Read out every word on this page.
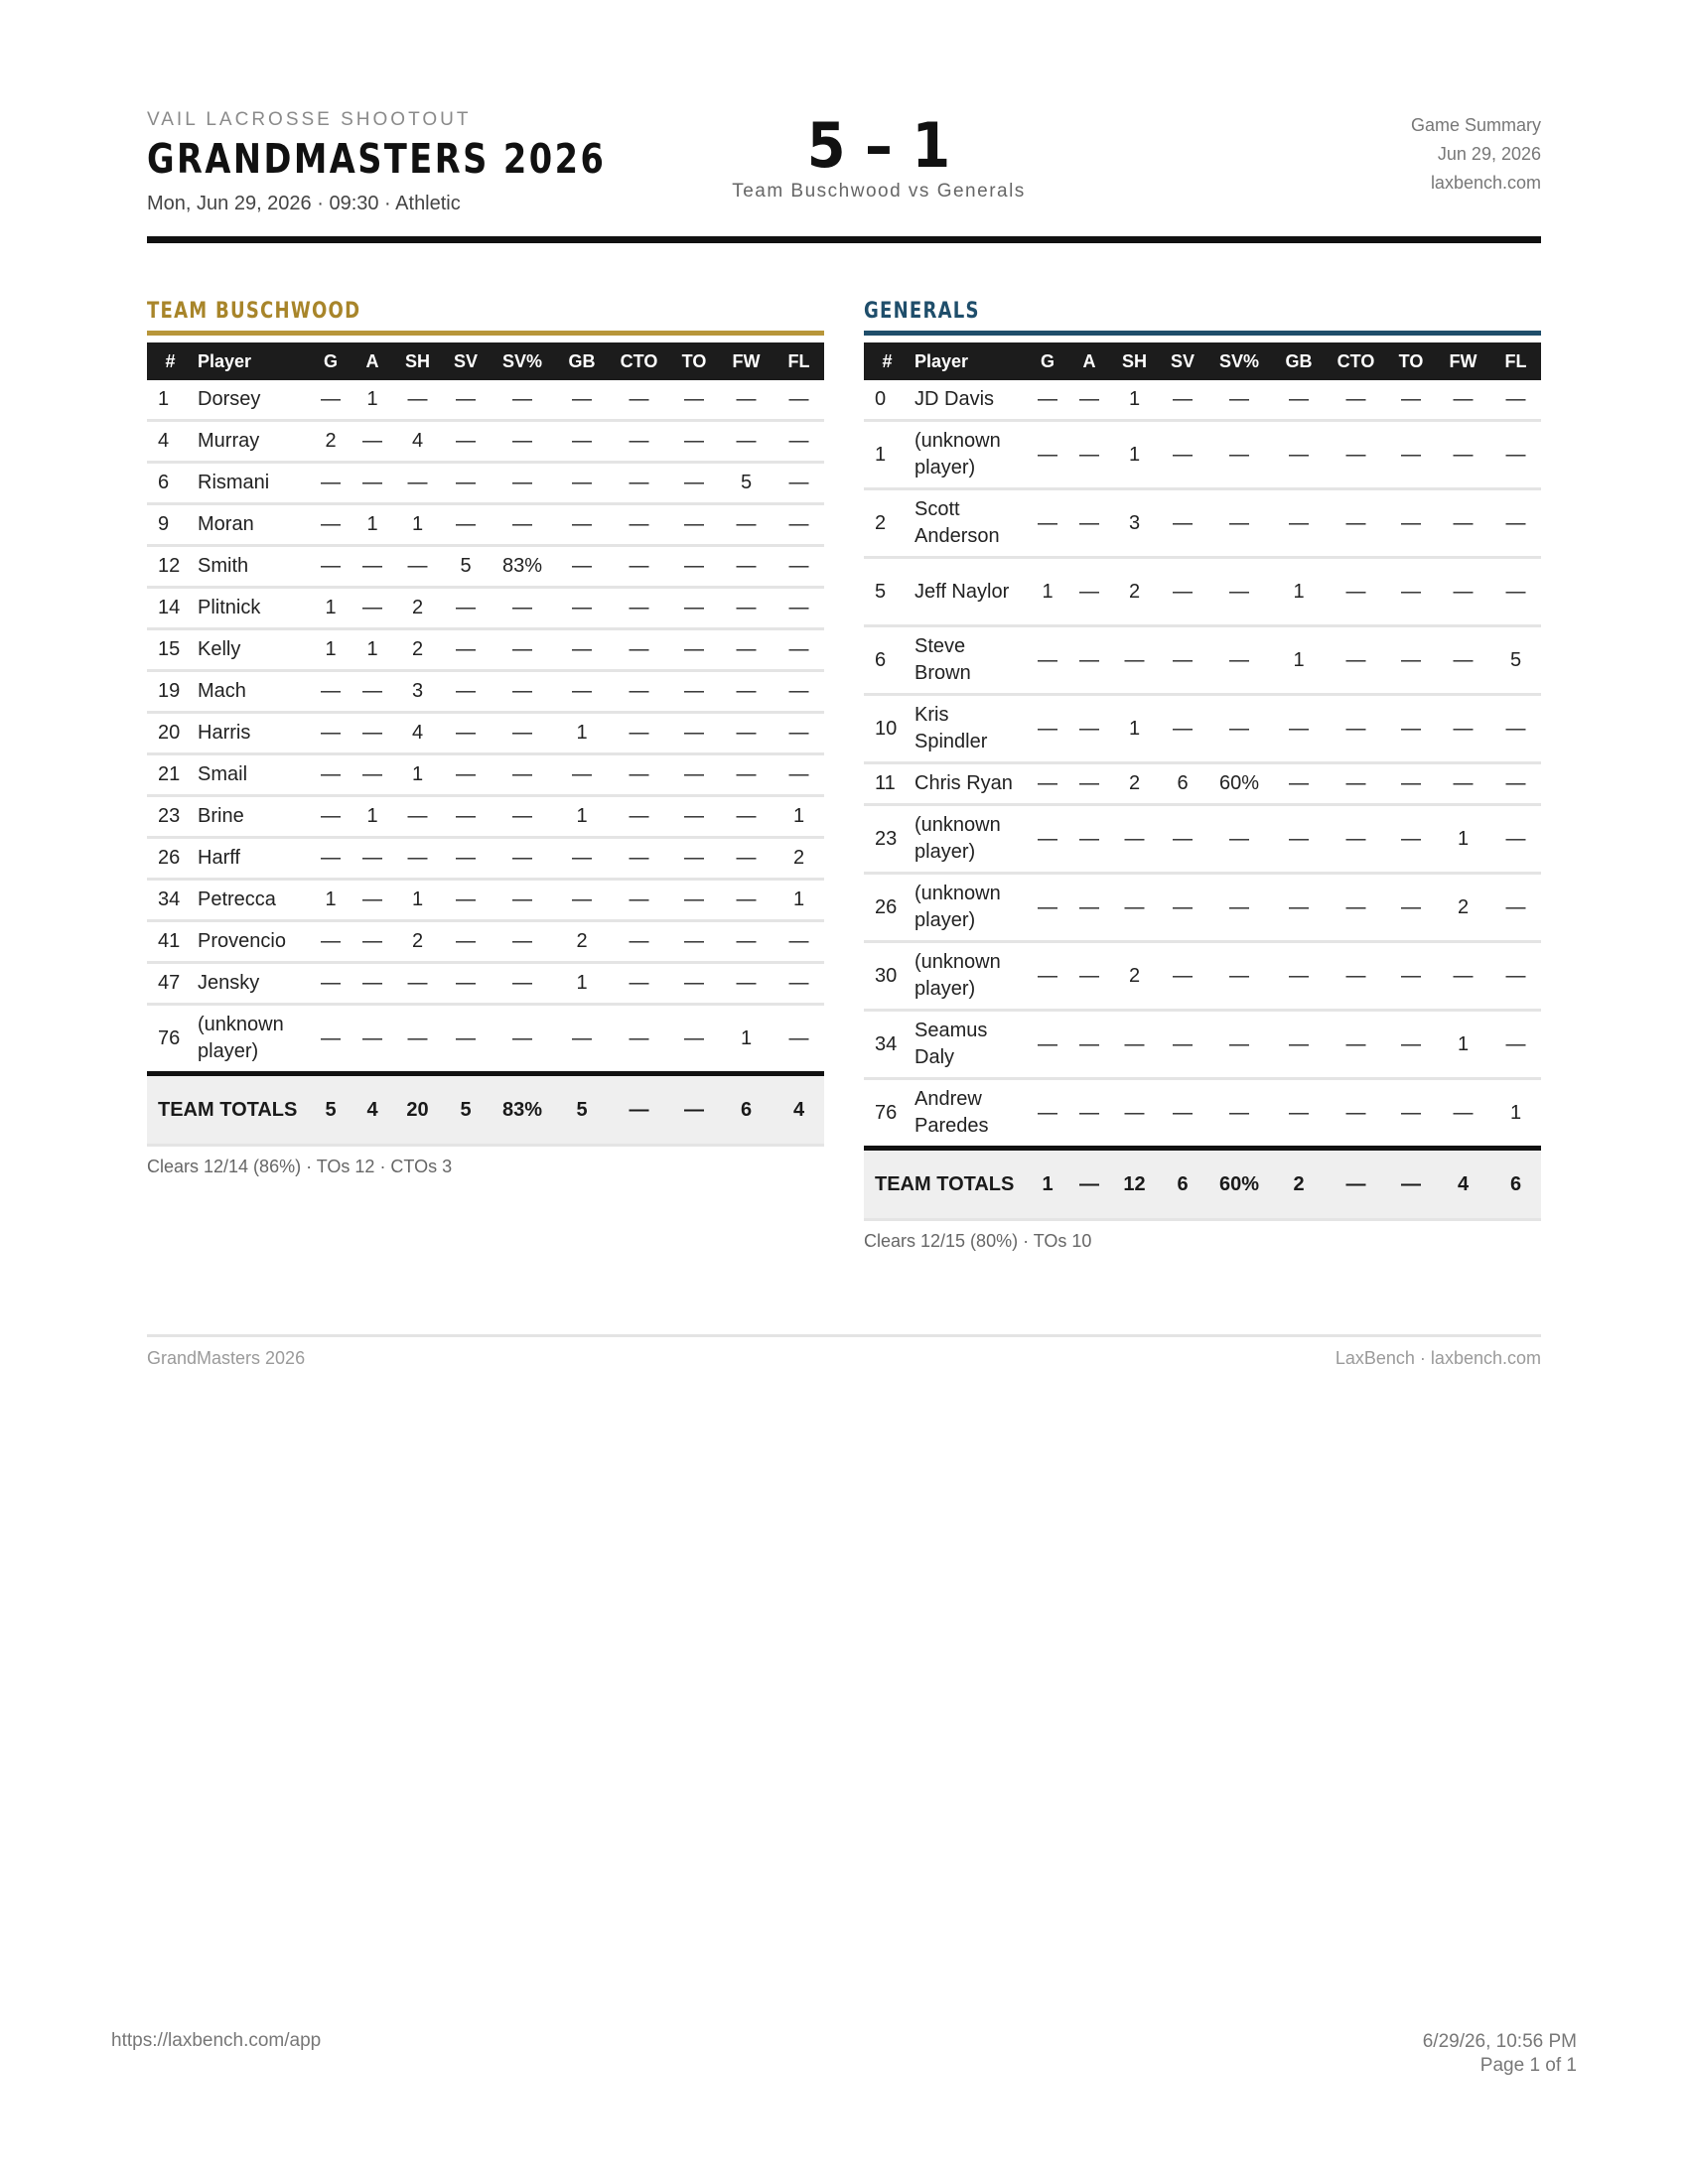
VAIL LACROSSE SHOOTOUT
GRANDMASTERS 2026
Mon, Jun 29, 2026 · 09:30 · Athletic
5 – 1
Team Buschwood vs Generals
Game Summary
Jun 29, 2026
laxbench.com
TEAM BUSCHWOOD
#	Player	G	A	SH	SV	SV%	GB	CTO	TO	FW	FL
1	Dorsey	—	1	—	—	—	—	—	—	—	—
4	Murray	2	—	4	—	—	—	—	—	—	—
6	Rismani	—	—	—	—	—	—	—	—	5	—
9	Moran	—	1	1	—	—	—	—	—	—	—
12	Smith	—	—	—	5	83%	—	—	—	—	—
14	Plitnick	1	—	2	—	—	—	—	—	—	—
15	Kelly	1	1	2	—	—	—	—	—	—	—
19	Mach	—	—	3	—	—	—	—	—	—	—
20	Harris	—	—	4	—	—	1	—	—	—	—
21	Smail	—	—	1	—	—	—	—	—	—	—
23	Brine	—	1	—	—	—	1	—	—	—	1
26	Harff	—	—	—	—	—	—	—	—	—	2
34	Petrecca	1	—	1	—	—	—	—	—	—	1
41	Provencio	—	—	2	—	—	2	—	—	—	—
47	Jensky	—	—	—	—	—	1	—	—	—	—
76	(unknown player)	—	—	—	—	—	—	—	—	1	—
TEAM TOTALS		5	4	20	5	83%	5	—	—	6	4
Clears 12/14 (86%) · TOs 12 · CTOs 3
GENERALS
#	Player	G	A	SH	SV	SV%	GB	CTO	TO	FW	FL
0	JD Davis	—	—	1	—	—	—	—	—	—	—
1	(unknown player)	—	—	1	—	—	—	—	—	—	—
2	Scott Anderson	—	—	3	—	—	—	—	—	—	—
5	Jeff Naylor	1	—	2	—	—	1	—	—	—	—
6	Steve Brown	—	—	—	—	—	1	—	—	—	5
10	Kris Spindler	—	—	1	—	—	—	—	—	—	—
11	Chris Ryan	—	—	2	6	60%	—	—	—	—	—
23	(unknown player)	—	—	—	—	—	—	—	—	1	—
26	(unknown player)	—	—	—	—	—	—	—	—	2	—
30	(unknown player)	—	—	2	—	—	—	—	—	—	—
34	Seamus Daly	—	—	—	—	—	—	—	—	1	—
76	Andrew Paredes	—	—	—	—	—	—	—	—	—	1
TEAM TOTALS		1	—	12	6	60%	2	—	—	4	6
Clears 12/15 (80%) · TOs 10
GrandMasters 2026	LaxBench · laxbench.com
https://laxbench.com/app	6/29/26, 10:56 PM
Page 1 of 1
